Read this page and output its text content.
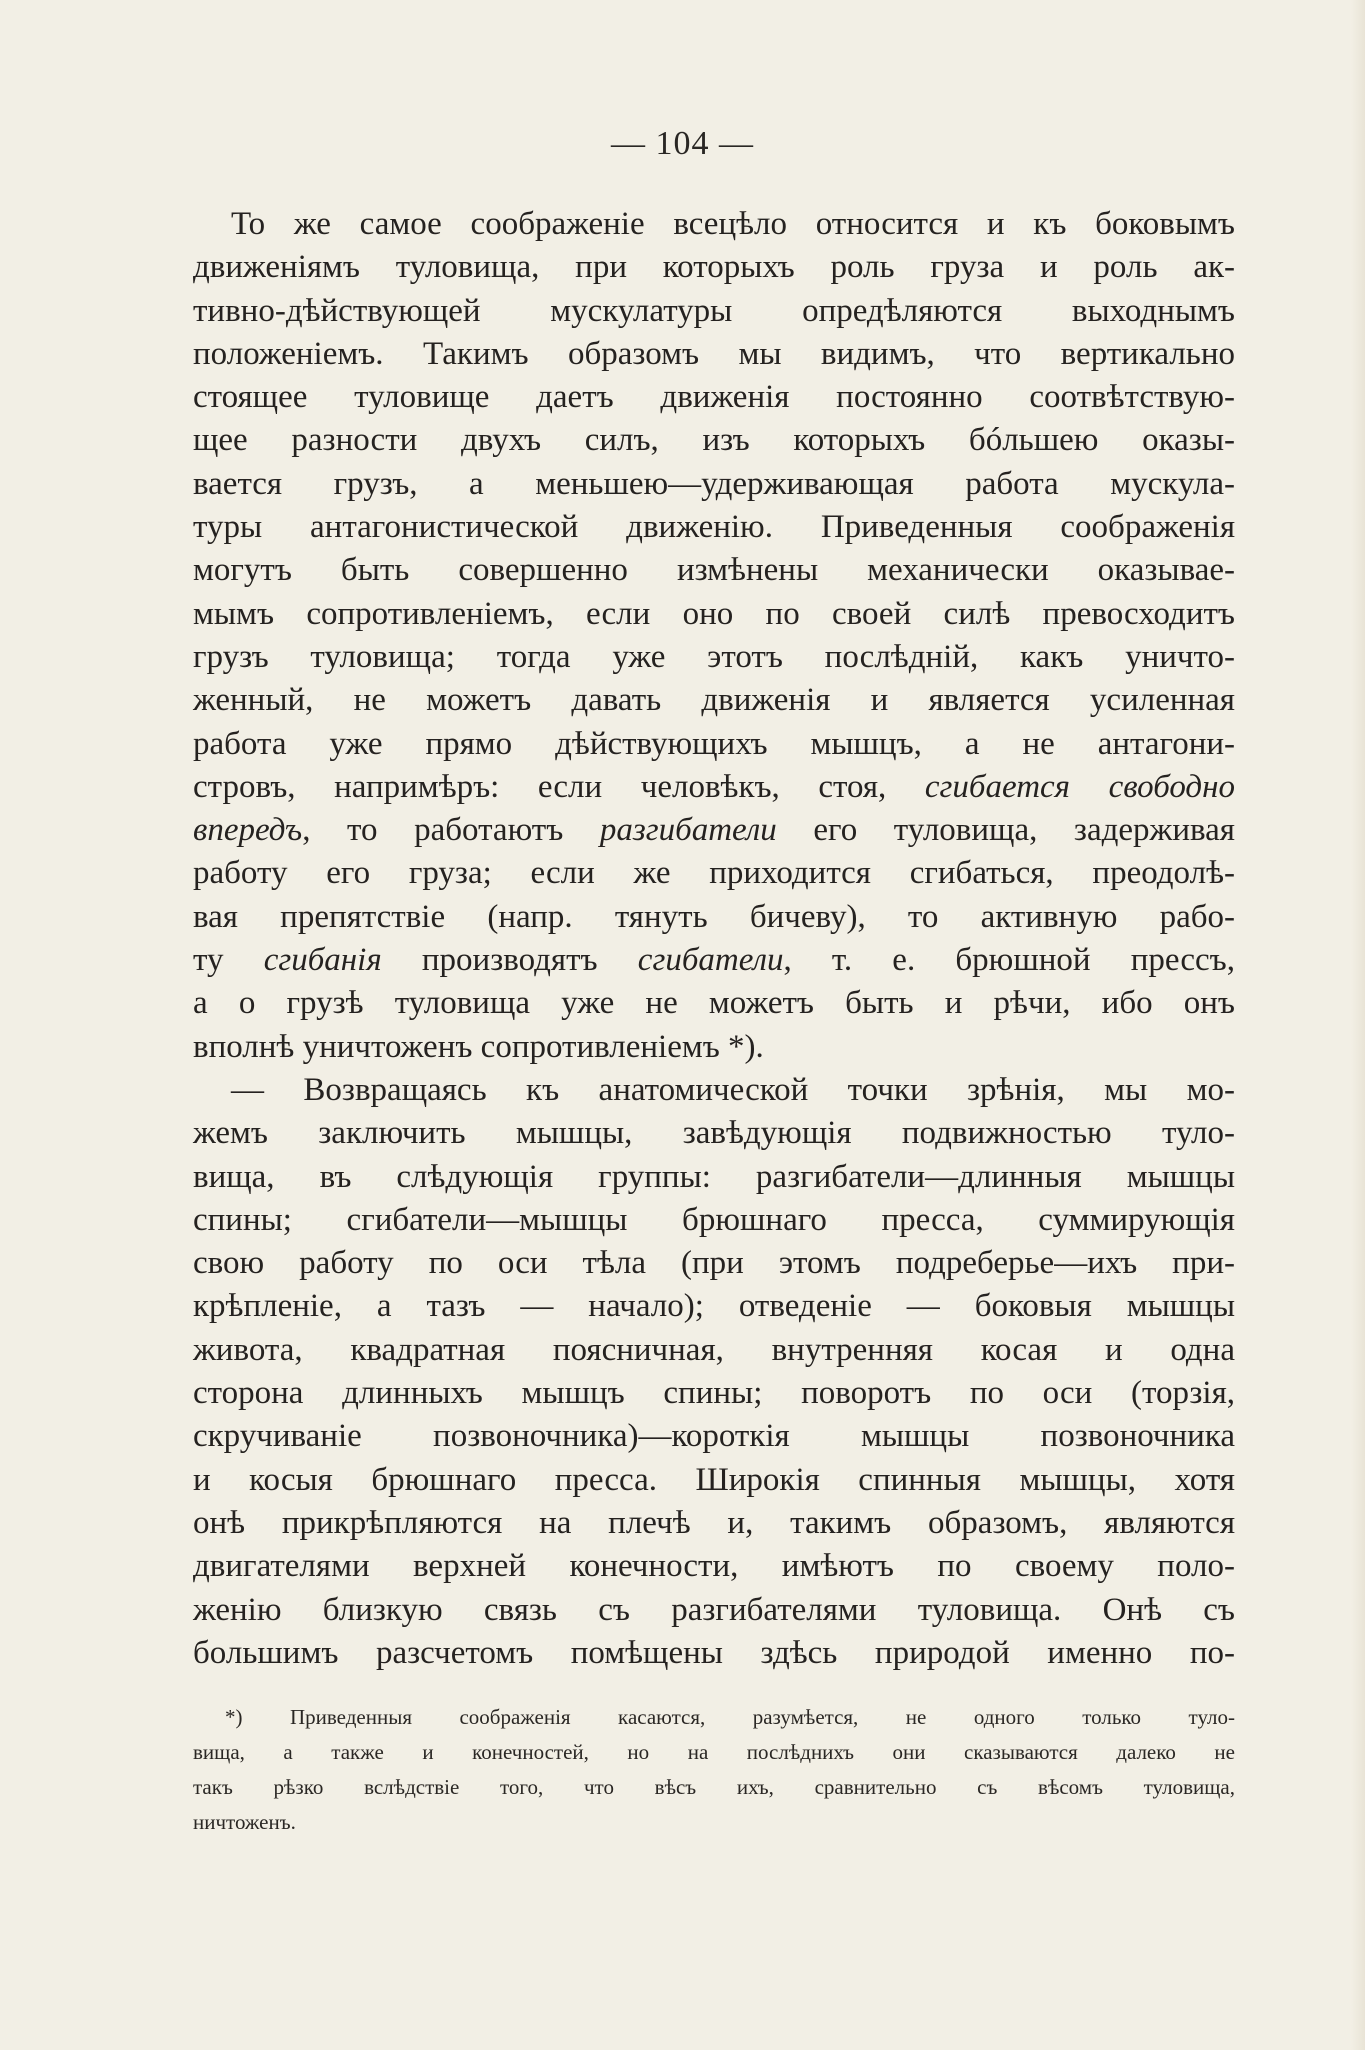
— 104 —
То же самое соображенiе всецѣло относится и къ боковымъ
движенiямъ туловища, при которыхъ роль груза и роль ак-
тивно-дѣйствующей мускулатуры опредѣляются выходнымъ
положенiемъ. Такимъ образомъ мы видимъ, что вертикально
стоящее туловище даетъ движенiя постоянно соотвѣтствую-
щее разности двухъ силъ, изъ которыхъ бóльшею оказы-
вается грузъ, а меньшею—удерживающая работа мускула-
туры антагонистической движенiю. Приведенныя соображенiя
могутъ быть совершенно измѣнены механически оказывае-
мымъ сопротивленiемъ, если оно по своей силѣ превосходитъ
грузъ туловища; тогда уже этотъ послѣднiй, какъ уничто-
женный, не можетъ давать движенiя и является усиленная
работа уже прямо дѣйствующихъ мышцъ, а не антагони-
стровъ, напримѣръ: если человѣкъ, стоя, сгибается свободно
впередъ, то работаютъ разгибатели его туловища, задерживая
работу его груза; если же приходится сгибаться, преодолѣ-
вая препятствiе (напр. тянуть бичеву), то активную рабо-
ту сгибанiя производятъ сгибатели, т. е. брюшной прессъ,
а о грузѣ туловища уже не можетъ быть и рѣчи, ибо онъ
вполнѣ уничтоженъ сопротивленiемъ *).
— Возвращаясь къ анатомической точки зрѣнiя, мы мо-
жемъ заключить мышцы, завѣдующiя подвижностью туло-
вища, въ слѣдующiя группы: разгибатели—длинныя мышцы
спины; сгибатели—мышцы брюшнаго пресса, суммирующiя
свою работу по оси тѣла (при этомъ подреберье—ихъ при-
крѣпленiе, а тазъ — начало); отведенiе — боковыя мышцы
живота, квадратная поясничная, внутренняя косая и одна
сторона длинныхъ мышцъ спины; поворотъ по оси (торзiя,
скручиванiе позвоночника)—короткiя мышцы позвоночника
и косыя брюшнаго пресса. Широкiя спинныя мышцы, хотя
онѣ прикрѣпляются на плечѣ и, такимъ образомъ, являются
двигателями верхней конечности, имѣютъ по своему поло-
женiю близкую связь съ разгибателями туловища. Онѣ съ
большимъ разсчетомъ помѣщены здѣсь природой именно по-
*) Приведенныя соображенiя касаются, разумѣется, не одного только туло-
вища, а также и конечностей, но на послѣднихъ они сказываются далеко не
такъ рѣзко вслѣдствiе того, что вѣсъ ихъ, сравнительно съ вѣсомъ туловища,
ничтоженъ.
